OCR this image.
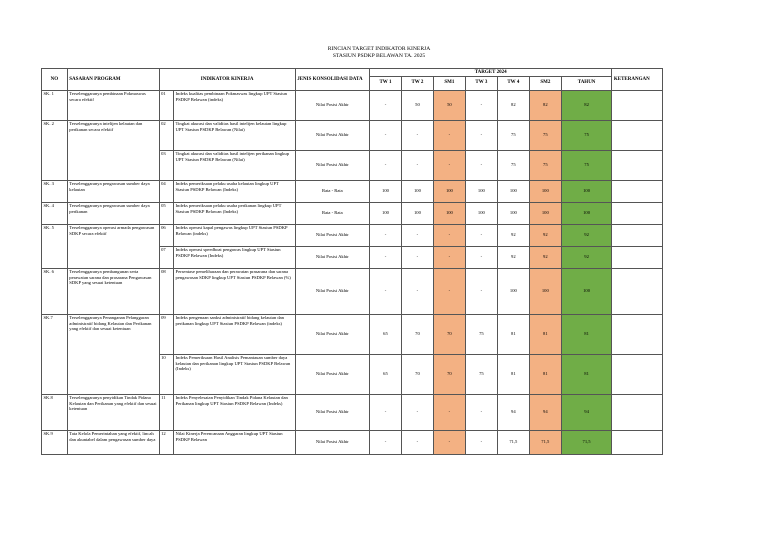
RINCIAN TARGET INDIKATOR KINERJA
STASIUN PSDKP BELAWAN TA. 2025
NO	SASARAN PROGRAM	INDIKATOR KINERJA		JENIS KONSOLIDASI DATA	TARGET 2024							KETERANGAN
					TW 1	TW 2	SM1	TW 3	TW 4	SM2	TAHUN	
SK. 1	Terselenggaranya pembinaan Pokmaswas secara efektif	01	Indeks kualitas pembinaan Pokmaswas lingkup UPT Stasiun PSDKP Belawan (indeks)	Nilai Posisi Akhir	-	50	50	-	82	82	82	
SK. 2	Terselenggaranya intelijen kelautan dan perikanan secara efektif	02	Tingkat akurasi dan validitas hasil intelijen kelautan lingkup UPT Stasiun PSDKP Belawan (Nilai)	Nilai Posisi Akhir	-	-	-	-	75	75	75	
		03	Tingkat akurasi dan validitas hasil intelijen perikanan lingkup UPT Stasiun PSDKP Belawan (Nilai)	Nilai Posisi Akhir	-	-	-	-	75	75	75	
SK. 3	Terselenggaranya pengawasan sumber daya kelautan	04	Indeks pemeriksaan pelaku usaha kelautan lingkup UPT Stasiun PSDKP Belawan (Indeks)	Rata - Rata	100	100	100	100	100	100	100	
SK. 4	Terselenggaranya pengawasan sumber daya perikanan	05	Indeks pemeriksaan pelaku usaha perikanan lingkup UPT Stasiun PSDKP Belawan (Indeks)	Rata - Rata	100	100	100	100	100	100	100	
SK. 5	Terselenggaranya operasi armada pengawasan SDKP secara efektif	06	Indeks operasi kapal pengawas lingkup UPT Stasiun PSDKP Belawan (indeks)	Nilai Posisi Akhir	-	-	-	-	92	92	92	
		07	Indeks operasi speedboat pengawas lingkup UPT Stasiun PSDKP Belawan (Indeks)	Nilai Posisi Akhir	-	-	-	-	92	92	92	
SK. 6	Terselenggaranya pembangunan serta perawatan sarana dan prasarana Pengawasan SDKP yang sesuai ketentuan	08	Persentase pemeliharaan dan perawatan prasarana dan sarana pengawasan SDKP lingkup UPT Stasiun PSDKP Belawan (%)	Nilai Posisi Akhir	-	-	-	-	100	100	100	
SK.7	Terselenggaranya Penanganan Pelanggaran administratif bidang Kelautan dan Perikanan yang efektif dan sesuai ketentuan	09	Indeks pengenaan sanksi administratif bidang kelautan dan perikanan lingkup UPT Stasiun PSDKP Belawan (indeks)	Nilai Posisi Akhir	65	70	70	75	81	81	81	
		10	Indeks Pemeriksaan Hasil Analisis Pemantauan sumber daya kelautan dan perikanan lingkup UPT Stasiun PSDKP Belawan (Indeks)	Nilai Posisi Akhir	65	70	70	75	81	81	81	
SK.8	Terselenggaranya penyidikan Tindak Pidana Kelautan dan Perikanan yang efektif dan sesuai ketentuan	11	Indeks Penyelesaian Penyidikan Tindak Pidana Kelautan dan Perikanan lingkup UPT Stasiun PSDKP Belawan (Indeks)	Nilai Posisi Akhir	-	-	-	-	94	94	94	
SK.9	Tata Kelola Pemerintahan yang efektif, lincah dan akuntabel dalam pengawasan sumber daya	12	Nilai Kinerja Perencanaan Anggaran lingkup UPT Stasiun PSDKP Belawan	Nilai Posisi Akhir	-	-	-	-	71,5	71,5	71,5	
